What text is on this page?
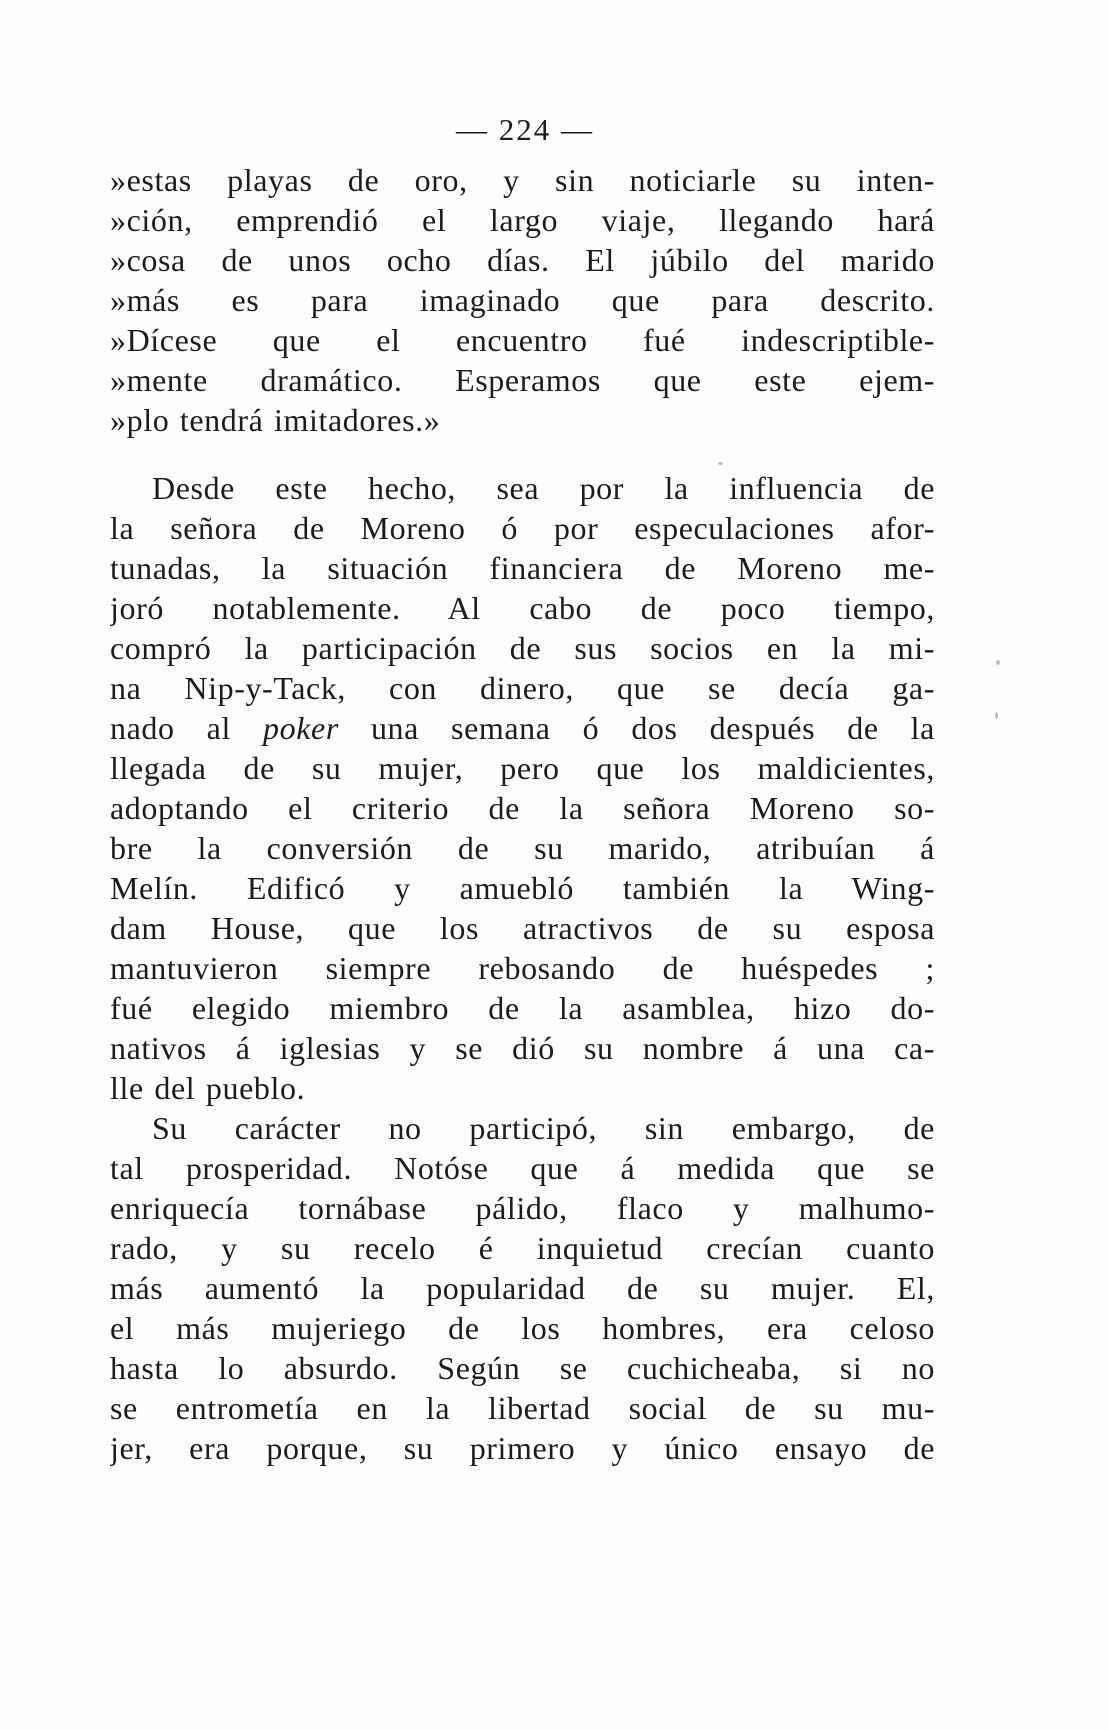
— 224 —
»estas playas de oro, y sin noticiarle su inten-
»ción, emprendió el largo viaje, llegando hará
»cosa de unos ocho días. El júbilo del marido
»más es para imaginado que para descrito.
»Dícese que el encuentro fué indescriptible-
»mente dramático. Esperamos que este ejem-
»plo tendrá imitadores.»
Desde este hecho, sea por la influencia de
la señora de Moreno ó por especulaciones afor-
tunadas, la situación financiera de Moreno me-
joró notablemente. Al cabo de poco tiempo,
compró la participación de sus socios en la mi-
na Nip-y-Tack, con dinero, que se decía ga-
nado al poker una semana ó dos después de la
llegada de su mujer, pero que los maldicientes,
adoptando el criterio de la señora Moreno so-
bre la conversión de su marido, atribuían á
Melín. Edificó y amuebló también la Wing-
dam House, que los atractivos de su esposa
mantuvieron siempre rebosando de huéspedes ;
fué elegido miembro de la asamblea, hizo do-
nativos á iglesias y se dió su nombre á una ca-
lle del pueblo.
Su carácter no participó, sin embargo, de
tal prosperidad. Notóse que á medida que se
enriquecía tornábase pálido, flaco y malhumo-
rado, y su recelo é inquietud crecían cuanto
más aumentó la popularidad de su mujer. El,
el más mujeriego de los hombres, era celoso
hasta lo absurdo. Según se cuchicheaba, si no
se entrometía en la libertad social de su mu-
jer, era porque, su primero y único ensayo de
